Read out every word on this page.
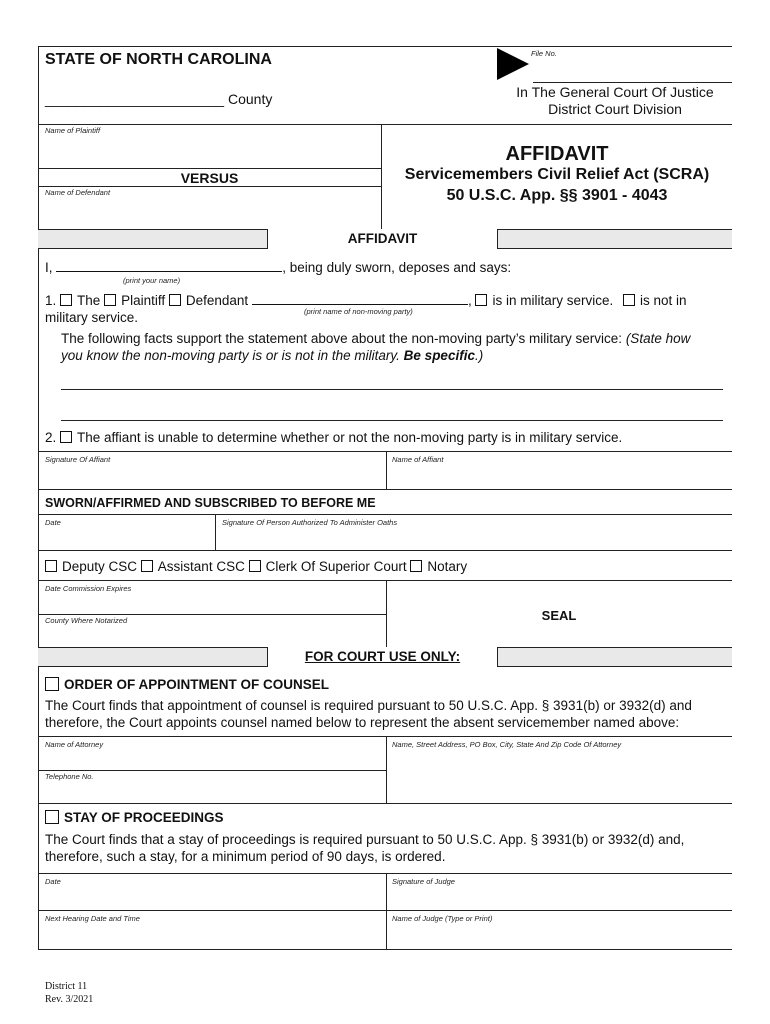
STATE OF NORTH CAROLINA
_______________________ County
File No.
In The General Court Of Justice
District Court Division
Name of Plaintiff
VERSUS
Name of Defendant
AFFIDAVIT
Servicemembers Civil Relief Act (SCRA)
50 U.S.C. App. §§ 3901 - 4043
AFFIDAVIT
I,	, being duly sworn, deposes and says:
(print your name)
1. The Plaintiff Defendant	, is in military service. is not in
(print name of non-moving party)
military service.
The following facts support the statement above about the non-moving party’s military service: (State how
you know the non-moving party is or is not in the military. Be specific.)
2. The affiant is unable to determine whether or not the non-moving party is in military service.
Signature Of Affiant	Name of Affiant
SWORN/AFFIRMED AND SUBSCRIBED TO BEFORE ME
Date	Signature Of Person Authorized To Administer Oaths
Deputy CSC Assistant CSC Clerk Of Superior Court Notary
Date Commission Expires
County Where Notarized	SEAL
FOR COURT USE ONLY:
ORDER OF APPOINTMENT OF COUNSEL
The Court finds that appointment of counsel is required pursuant to 50 U.S.C. App. § 3931(b) or 3932(d) and
therefore, the Court appoints counsel named below to represent the absent servicemember named above:
Name of Attorney	Name, Street Address, PO Box, City, State And Zip Code Of Attorney
Telephone No.
STAY OF PROCEEDINGS
The Court finds that a stay of proceedings is required pursuant to 50 U.S.C. App. § 3931(b) or 3932(d) and,
therefore, such a stay, for a minimum period of 90 days, is ordered.
Date	Signature of Judge
Next Hearing Date and Time	Name of Judge (Type or Print)
District 11
Rev. 3/2021
